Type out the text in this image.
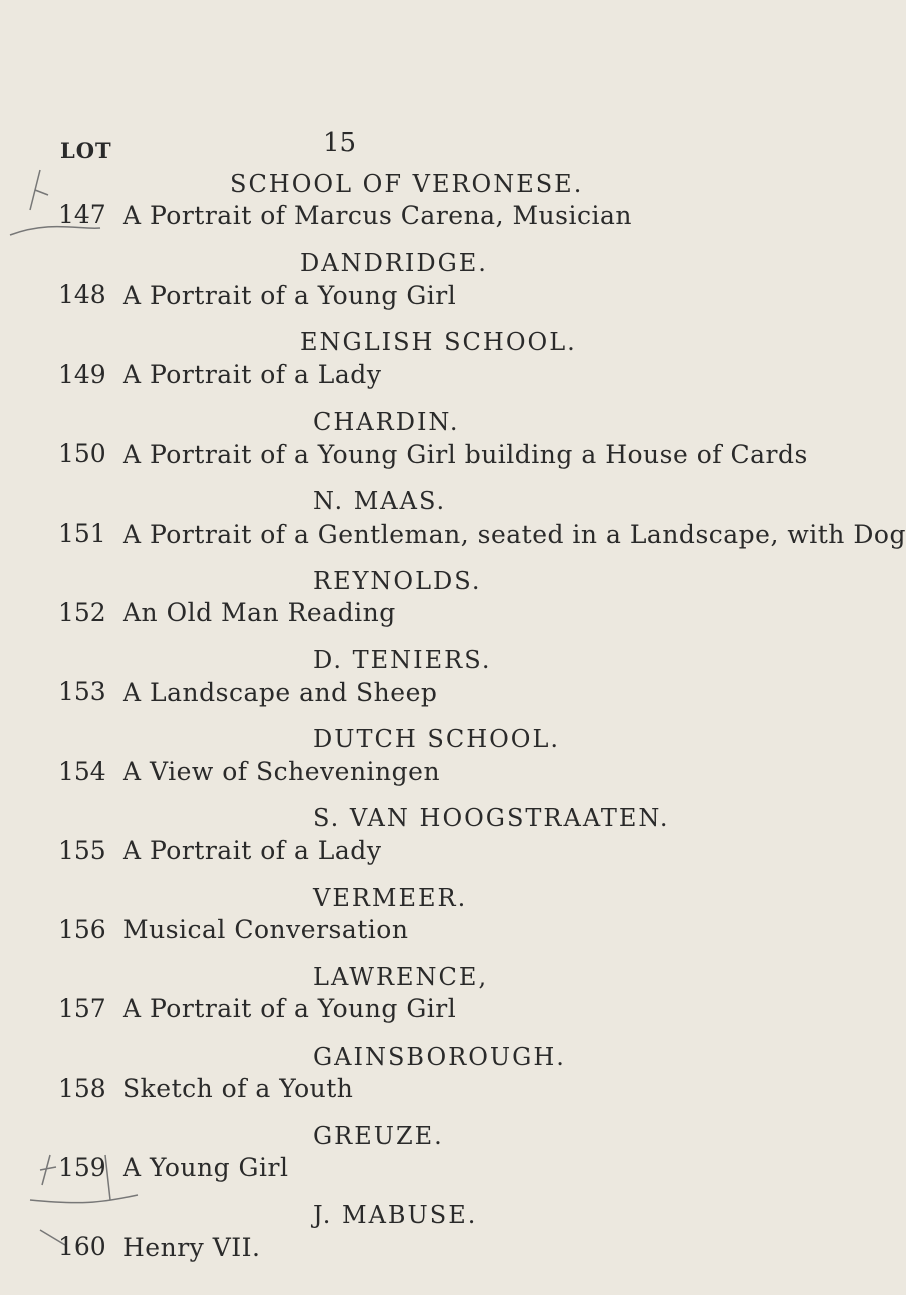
15
LOT
SCHOOL OF VERONESE.
147 A Portrait of Marcus Carena, Musician
DANDRIDGE.
148 A Portrait of a Young Girl
ENGLISH SCHOOL.
149 A Portrait of a Lady
CHARDIN.
150 A Portrait of a Young Girl building a House of Cards
N. MAAS.
151 A Portrait of a Gentleman, seated in a Landscape, with Dog
REYNOLDS.
152 An Old Man Reading
D. TENIERS.
153 A Landscape and Sheep
DUTCH SCHOOL.
154 A View of Scheveningen
S. VAN HOOGSTRAATEN.
155 A Portrait of a Lady
VERMEER.
156 Musical Conversation
LAWRENCE,
157 A Portrait of a Young Girl
GAINSBOROUGH.
158 Sketch of a Youth
GREUZE.
159 A Young Girl
J. MABUSE.
160 Henry VII.
